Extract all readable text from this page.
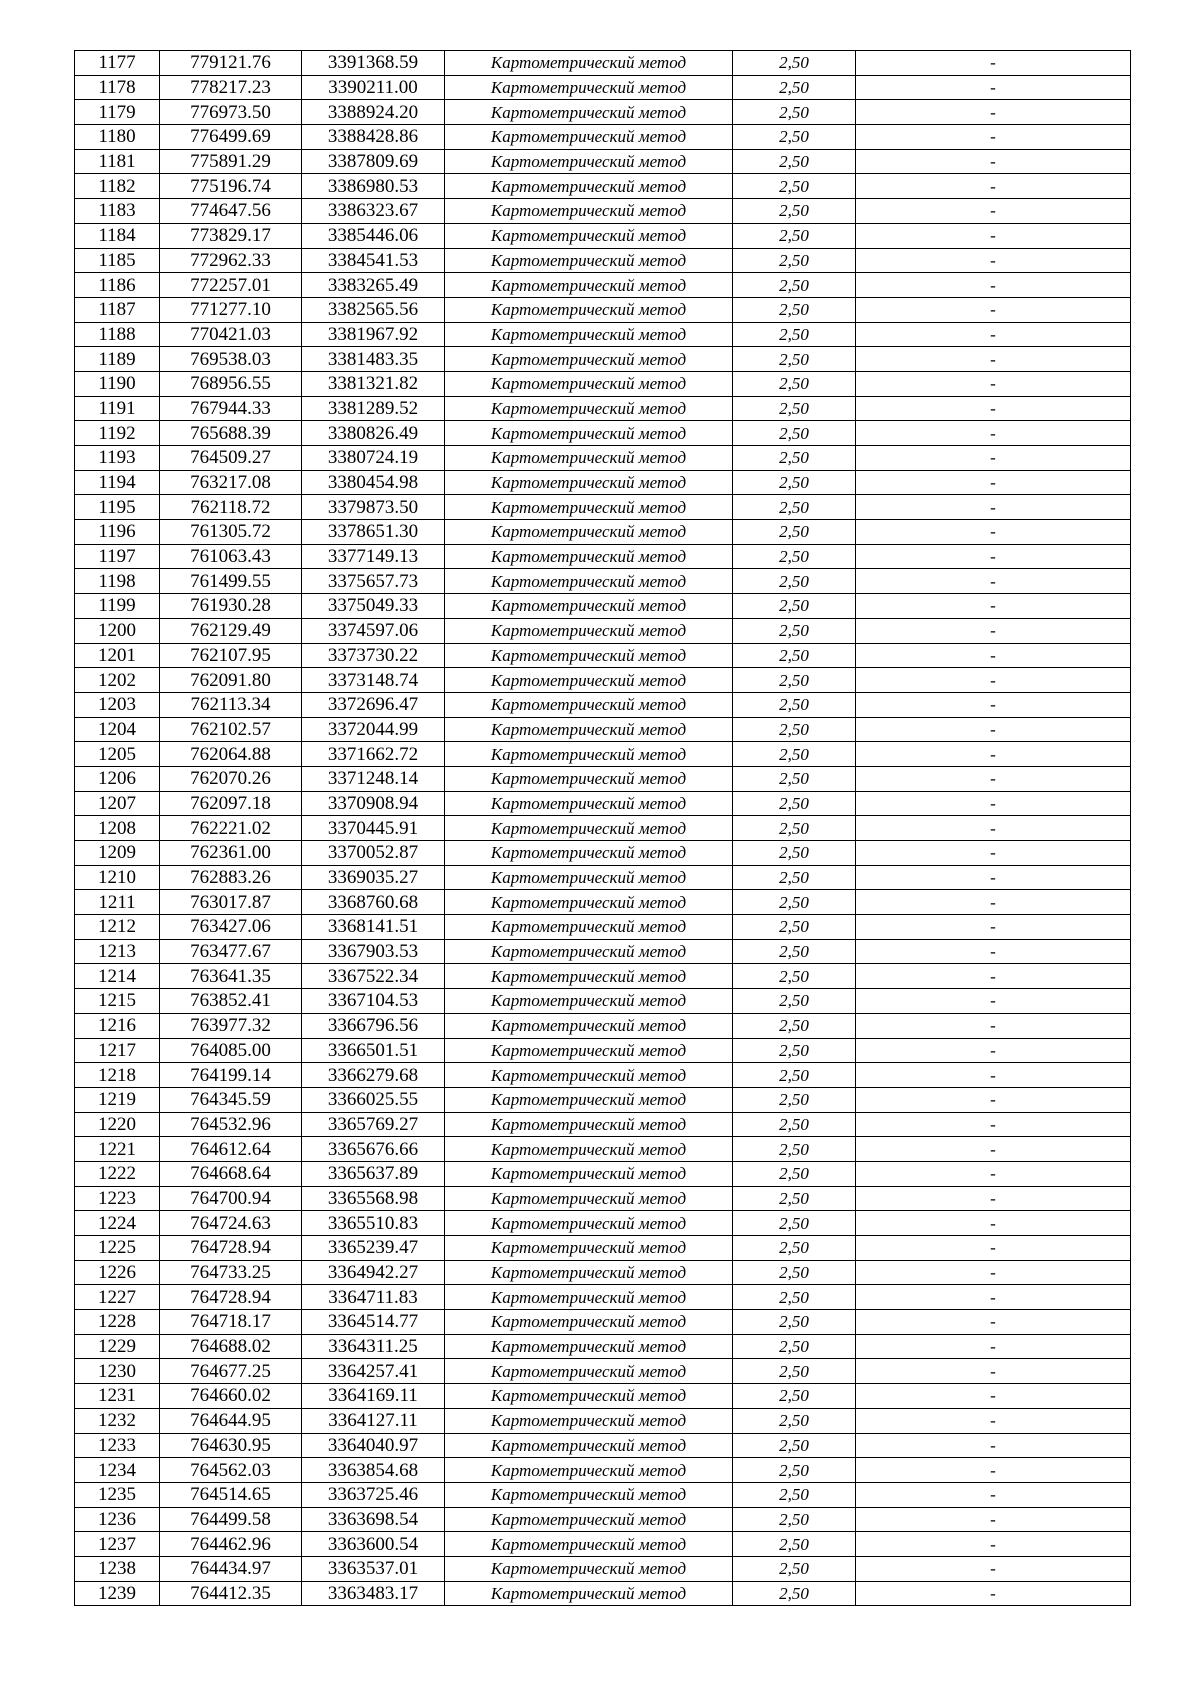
1177	779121.76	3391368.59	Картометрический метод	2,50	-
1178	778217.23	3390211.00	Картометрический метод	2,50	-
1179	776973.50	3388924.20	Картометрический метод	2,50	-
1180	776499.69	3388428.86	Картометрический метод	2,50	-
1181	775891.29	3387809.69	Картометрический метод	2,50	-
1182	775196.74	3386980.53	Картометрический метод	2,50	-
1183	774647.56	3386323.67	Картометрический метод	2,50	-
1184	773829.17	3385446.06	Картометрический метод	2,50	-
1185	772962.33	3384541.53	Картометрический метод	2,50	-
1186	772257.01	3383265.49	Картометрический метод	2,50	-
1187	771277.10	3382565.56	Картометрический метод	2,50	-
1188	770421.03	3381967.92	Картометрический метод	2,50	-
1189	769538.03	3381483.35	Картометрический метод	2,50	-
1190	768956.55	3381321.82	Картометрический метод	2,50	-
1191	767944.33	3381289.52	Картометрический метод	2,50	-
1192	765688.39	3380826.49	Картометрический метод	2,50	-
1193	764509.27	3380724.19	Картометрический метод	2,50	-
1194	763217.08	3380454.98	Картометрический метод	2,50	-
1195	762118.72	3379873.50	Картометрический метод	2,50	-
1196	761305.72	3378651.30	Картометрический метод	2,50	-
1197	761063.43	3377149.13	Картометрический метод	2,50	-
1198	761499.55	3375657.73	Картометрический метод	2,50	-
1199	761930.28	3375049.33	Картометрический метод	2,50	-
1200	762129.49	3374597.06	Картометрический метод	2,50	-
1201	762107.95	3373730.22	Картометрический метод	2,50	-
1202	762091.80	3373148.74	Картометрический метод	2,50	-
1203	762113.34	3372696.47	Картометрический метод	2,50	-
1204	762102.57	3372044.99	Картометрический метод	2,50	-
1205	762064.88	3371662.72	Картометрический метод	2,50	-
1206	762070.26	3371248.14	Картометрический метод	2,50	-
1207	762097.18	3370908.94	Картометрический метод	2,50	-
1208	762221.02	3370445.91	Картометрический метод	2,50	-
1209	762361.00	3370052.87	Картометрический метод	2,50	-
1210	762883.26	3369035.27	Картометрический метод	2,50	-
1211	763017.87	3368760.68	Картометрический метод	2,50	-
1212	763427.06	3368141.51	Картометрический метод	2,50	-
1213	763477.67	3367903.53	Картометрический метод	2,50	-
1214	763641.35	3367522.34	Картометрический метод	2,50	-
1215	763852.41	3367104.53	Картометрический метод	2,50	-
1216	763977.32	3366796.56	Картометрический метод	2,50	-
1217	764085.00	3366501.51	Картометрический метод	2,50	-
1218	764199.14	3366279.68	Картометрический метод	2,50	-
1219	764345.59	3366025.55	Картометрический метод	2,50	-
1220	764532.96	3365769.27	Картометрический метод	2,50	-
1221	764612.64	3365676.66	Картометрический метод	2,50	-
1222	764668.64	3365637.89	Картометрический метод	2,50	-
1223	764700.94	3365568.98	Картометрический метод	2,50	-
1224	764724.63	3365510.83	Картометрический метод	2,50	-
1225	764728.94	3365239.47	Картометрический метод	2,50	-
1226	764733.25	3364942.27	Картометрический метод	2,50	-
1227	764728.94	3364711.83	Картометрический метод	2,50	-
1228	764718.17	3364514.77	Картометрический метод	2,50	-
1229	764688.02	3364311.25	Картометрический метод	2,50	-
1230	764677.25	3364257.41	Картометрический метод	2,50	-
1231	764660.02	3364169.11	Картометрический метод	2,50	-
1232	764644.95	3364127.11	Картометрический метод	2,50	-
1233	764630.95	3364040.97	Картометрический метод	2,50	-
1234	764562.03	3363854.68	Картометрический метод	2,50	-
1235	764514.65	3363725.46	Картометрический метод	2,50	-
1236	764499.58	3363698.54	Картометрический метод	2,50	-
1237	764462.96	3363600.54	Картометрический метод	2,50	-
1238	764434.97	3363537.01	Картометрический метод	2,50	-
1239	764412.35	3363483.17	Картометрический метод	2,50	-
